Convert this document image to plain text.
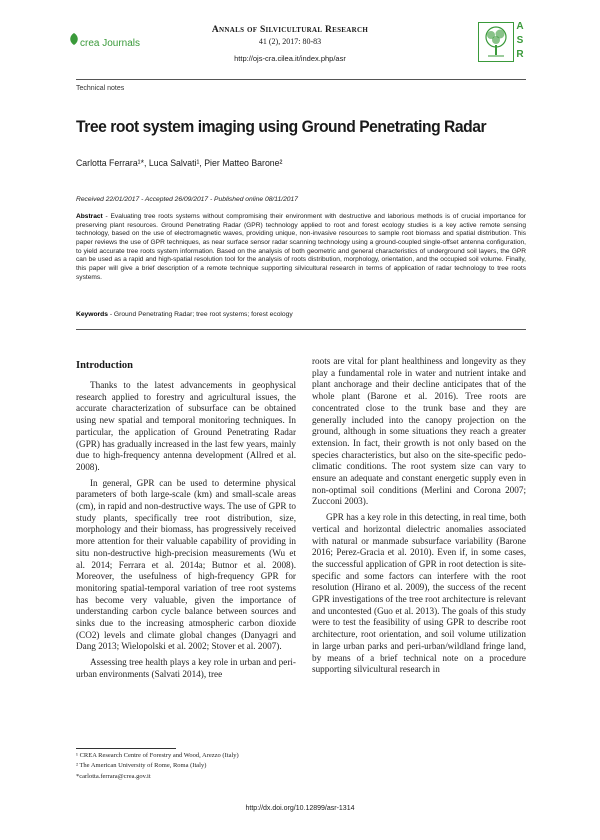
crea Journals
Annals of Silvicultural Research
41 (2), 2017: 80-83
http://ojs-cra.cilea.it/index.php/asr
A
S
R
Technical notes
Tree root system imaging using Ground Penetrating Radar
Carlotta Ferrara¹*, Luca Salvati¹, Pier Matteo Barone²
Received 22/01/2017 - Accepted 26/09/2017 - Published online 08/11/2017
Abstract - Evaluating tree roots systems without compromising their environment with destructive and laborious methods is of crucial importance for preserving plant resources. Ground Penetrating Radar (GPR) technology applied to root and forest ecology studies is a key active remote sensing technology, based on the use of electromagnetic waves, providing unique, non-invasive resources to sample root biomass and spatial distribution. This paper reviews the use of GPR techniques, as near surface sensor radar scanning technology using a ground-coupled single-offset antenna configuration, to yield accurate tree roots system information. Based on the analysis of both geometric and general characteristics of underground soil layers, the GPR can be used as a rapid and high-spatial resolution tool for the analysis of roots distribution, morphology, orientation, and the occupied soil volume. Finally, this paper will give a brief description of a remote technique supporting silvicultural research in terms of application of radar technology to tree roots systems.
Keywords - Ground Penetrating Radar; tree root systems; forest ecology
Introduction

Thanks to the latest advancements in geophysical research applied to forestry and agricultural issues, the accurate characterization of subsurface can be obtained using new spatial and temporal monitoring techniques. In particular, the application of Ground Penetrating Radar (GPR) has gradually increased in the last few years, mainly due to high-frequency antenna development (Allred et al. 2008).

In general, GPR can be used to determine physical parameters of both large-scale (km) and small-scale areas (cm), in rapid and non-destructive ways. The use of GPR to study plants, specifically tree root distribution, size, morphology and their biomass, has progressively received more attention for their valuable capability of providing in situ non-destructive high-precision measurements (Wu et al. 2014; Ferrara et al. 2014a; Butnor et al. 2008). Moreover, the usefulness of high-frequency GPR for monitoring spatial-temporal variation of tree root systems has become very valuable, given the importance of understanding carbon cycle balance between sources and sinks due to the increasing atmospheric carbon dioxide (CO2) levels and climate global changes (Danyagri and Dang 2013; Wielopolski et al. 2002; Stover et al. 2007).

Assessing tree health plays a key role in urban and peri-urban environments (Salvati 2014), tree

roots are vital for plant healthiness and longevity as they play a fundamental role in water and nutrient intake and plant anchorage and their decline anticipates that of the whole plant (Barone et al. 2016). Tree roots are concentrated close to the trunk base and they are generally included into the canopy projection on the ground, although in some situations they reach a greater extension. In fact, their growth is not only based on the species characteristics, but also on the site-specific pedo-climatic conditions. The root system size can vary to ensure an adequate and constant energetic supply even in non-optimal soil conditions (Merlini and Corona 2007; Zucconi 2003).

GPR has a key role in this detecting, in real time, both vertical and horizontal dielectric anomalies associated with natural or manmade subsurface variability (Barone 2016; Perez-Gracia et al. 2010). Even if, in some cases, the successful application of GPR in root detection is site-specific and some factors can interfere with the root resolution (Hirano et al. 2009), the success of the recent GPR investigations of the tree root architecture is relevant and uncontested (Guo et al. 2013). The goals of this study were to test the feasibility of using GPR to describe root architecture, root orientation, and soil volume utilization in large urban parks and peri-urban/wildland fringe land, by means of a brief technical note on a procedure supporting silvicultural research in

¹ CREA Research Centre of Forestry and Wood, Arezzo (Italy)
² The American University of Rome, Roma (Italy)
*carlotta.ferrara@crea.gov.it
http://dx.doi.org/10.12899/asr-1314
